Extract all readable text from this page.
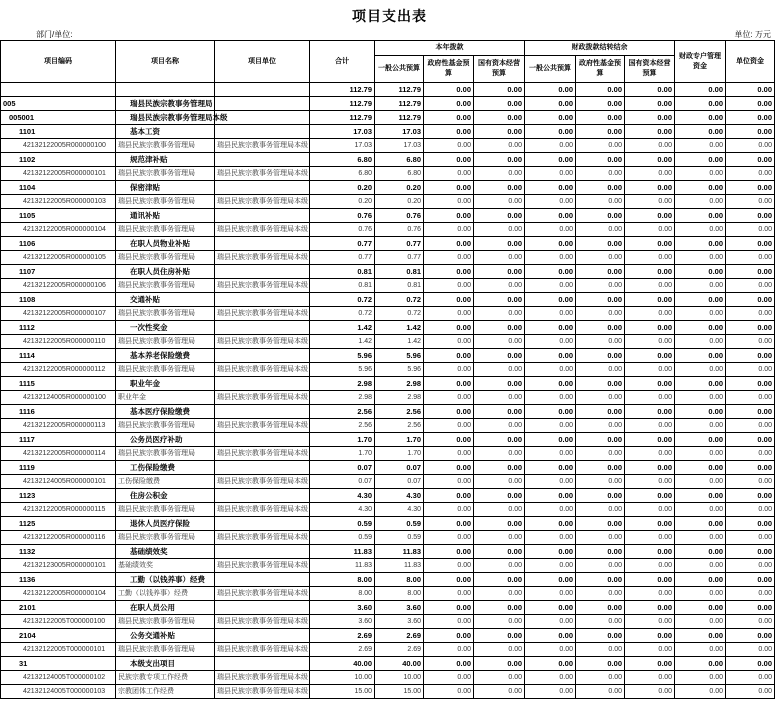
项目支出表
部门/单位:	单位: 万元
项目编码	项目名称	项目单位	合计	本年拨款			财政拨款结转结余			财政专户管理资金	单位资金
				一般公共预算	政府性基金预算	国有资本经营预算	一般公共预算	政府性基金预算	国有资本经营预算		
			112.79	112.79	0.00	0.00	0.00	0.00	0.00	0.00	0.00
005	瑞县民族宗教事务管理局		112.79	112.79	0.00	0.00	0.00	0.00	0.00	0.00	0.00
005001	瑞县民族宗教事务管理局本级		112.79	112.79	0.00	0.00	0.00	0.00	0.00	0.00	0.00
1101	基本工资		17.03	17.03	0.00	0.00	0.00	0.00	0.00	0.00	0.00
42132122005R000000100	瑞县民族宗教事务管理局	瑞县民族宗教事务管理局本级	17.03	17.03	0.00	0.00	0.00	0.00	0.00	0.00	0.00
1102	规范津补贴		6.80	6.80	0.00	0.00	0.00	0.00	0.00	0.00	0.00
42132122005R000000101	瑞县民族宗教事务管理局	瑞县民族宗教事务管理局本级	6.80	6.80	0.00	0.00	0.00	0.00	0.00	0.00	0.00
1104	保密津贴		0.20	0.20	0.00	0.00	0.00	0.00	0.00	0.00	0.00
42132122005R000000103	瑞县民族宗教事务管理局	瑞县民族宗教事务管理局本级	0.20	0.20	0.00	0.00	0.00	0.00	0.00	0.00	0.00
1105	通讯补贴		0.76	0.76	0.00	0.00	0.00	0.00	0.00	0.00	0.00
42132122005R000000104	瑞县民族宗教事务管理局	瑞县民族宗教事务管理局本级	0.76	0.76	0.00	0.00	0.00	0.00	0.00	0.00	0.00
1106	在职人员物业补贴		0.77	0.77	0.00	0.00	0.00	0.00	0.00	0.00	0.00
42132122005R000000105	瑞县民族宗教事务管理局	瑞县民族宗教事务管理局本级	0.77	0.77	0.00	0.00	0.00	0.00	0.00	0.00	0.00
1107	在职人员住房补贴		0.81	0.81	0.00	0.00	0.00	0.00	0.00	0.00	0.00
42132122005R000000106	瑞县民族宗教事务管理局	瑞县民族宗教事务管理局本级	0.81	0.81	0.00	0.00	0.00	0.00	0.00	0.00	0.00
1108	交通补贴		0.72	0.72	0.00	0.00	0.00	0.00	0.00	0.00	0.00
42132122005R000000107	瑞县民族宗教事务管理局	瑞县民族宗教事务管理局本级	0.72	0.72	0.00	0.00	0.00	0.00	0.00	0.00	0.00
1112	一次性奖金		1.42	1.42	0.00	0.00	0.00	0.00	0.00	0.00	0.00
42132122005R000000110	瑞县民族宗教事务管理局	瑞县民族宗教事务管理局本级	1.42	1.42	0.00	0.00	0.00	0.00	0.00	0.00	0.00
1114	基本养老保险缴费		5.96	5.96	0.00	0.00	0.00	0.00	0.00	0.00	0.00
42132122005R000000112	瑞县民族宗教事务管理局	瑞县民族宗教事务管理局本级	5.96	5.96	0.00	0.00	0.00	0.00	0.00	0.00	0.00
1115	职业年金		2.98	2.98	0.00	0.00	0.00	0.00	0.00	0.00	0.00
42132124005R000000100	职业年金	瑞县民族宗教事务管理局本级	2.98	2.98	0.00	0.00	0.00	0.00	0.00	0.00	0.00
1116	基本医疗保险缴费		2.56	2.56	0.00	0.00	0.00	0.00	0.00	0.00	0.00
42132122005R000000113	瑞县民族宗教事务管理局	瑞县民族宗教事务管理局本级	2.56	2.56	0.00	0.00	0.00	0.00	0.00	0.00	0.00
1117	公务员医疗补助		1.70	1.70	0.00	0.00	0.00	0.00	0.00	0.00	0.00
42132122005R000000114	瑞县民族宗教事务管理局	瑞县民族宗教事务管理局本级	1.70	1.70	0.00	0.00	0.00	0.00	0.00	0.00	0.00
1119	工伤保险缴费		0.07	0.07	0.00	0.00	0.00	0.00	0.00	0.00	0.00
42132124005R000000101	工伤保险缴费	瑞县民族宗教事务管理局本级	0.07	0.07	0.00	0.00	0.00	0.00	0.00	0.00	0.00
1123	住房公积金		4.30	4.30	0.00	0.00	0.00	0.00	0.00	0.00	0.00
42132122005R000000115	瑞县民族宗教事务管理局	瑞县民族宗教事务管理局本级	4.30	4.30	0.00	0.00	0.00	0.00	0.00	0.00	0.00
1125	退休人员医疗保险		0.59	0.59	0.00	0.00	0.00	0.00	0.00	0.00	0.00
42132122005R000000116	瑞县民族宗教事务管理局	瑞县民族宗教事务管理局本级	0.59	0.59	0.00	0.00	0.00	0.00	0.00	0.00	0.00
1132	基础绩效奖		11.83	11.83	0.00	0.00	0.00	0.00	0.00	0.00	0.00
42132123005R000000101	基础绩效奖	瑞县民族宗教事务管理局本级	11.83	11.83	0.00	0.00	0.00	0.00	0.00	0.00	0.00
1136	工勤（以钱养事）经费		8.00	8.00	0.00	0.00	0.00	0.00	0.00	0.00	0.00
42132122005R000000104	工勤（以钱养事）经费	瑞县民族宗教事务管理局本级	8.00	8.00	0.00	0.00	0.00	0.00	0.00	0.00	0.00
2101	在职人员公用		3.60	3.60	0.00	0.00	0.00	0.00	0.00	0.00	0.00
42132122005T000000100	瑞县民族宗教事务管理局	瑞县民族宗教事务管理局本级	3.60	3.60	0.00	0.00	0.00	0.00	0.00	0.00	0.00
2104	公务交通补贴		2.69	2.69	0.00	0.00	0.00	0.00	0.00	0.00	0.00
42132122005T000000101	瑞县民族宗教事务管理局	瑞县民族宗教事务管理局本级	2.69	2.69	0.00	0.00	0.00	0.00	0.00	0.00	0.00
31	本级支出项目		40.00	40.00	0.00	0.00	0.00	0.00	0.00	0.00	0.00
42132124005T000000102	民族宗教专项工作经费	瑞县民族宗教事务管理局本级	10.00	10.00	0.00	0.00	0.00	0.00	0.00	0.00	0.00
42132124005T000000103	宗教团体工作经费	瑞县民族宗教事务管理局本级	15.00	15.00	0.00	0.00	0.00	0.00	0.00	0.00	0.00
